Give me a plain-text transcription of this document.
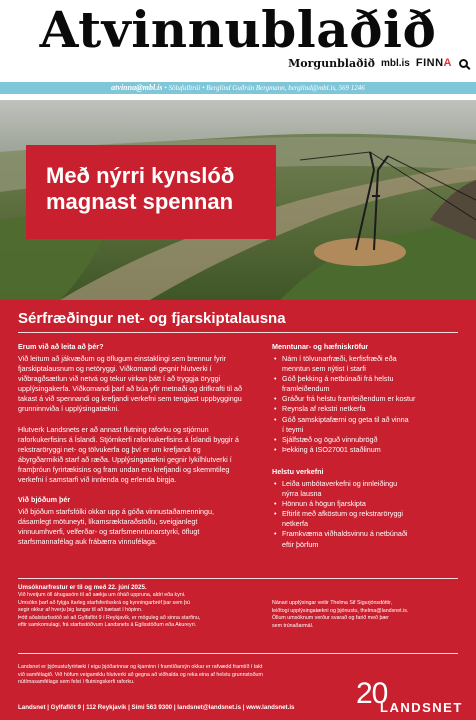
Atvinnublaðið
Morgunblaðið mbl.is FINNA
atvinna@mbl.is • Sölufulltrúi • Berglind Guðrún Bergmann, berglind@mbl.is, 569 1246
Með nýrri kynslóð
magnast spennan
Sérfræðingur net- og fjarskiptalausna
Erum við að leita að þér?
Við leitum að jákvæðum og öflugum einstaklingi sem brennur fyrir fjarskiptalausnum og netöryggi. Viðkomandi gegnir hlutverki í viðbragðsætlun við netvá og tekur virkan þátt í að tryggja öryggi upplýsingakerfa. Viðkomandi þarf að búa yfir metnaði og drifkrafti til að takast á við spennandi og krefjandi verkefni sem tengjast uppbyggingu grunninnviða í upplýsingatækni.
Hlutverk Landsnets er að annast flutning raforku og stjórnun raforkukerfisins á Íslandi. Stjórnkerfi raforkukerfisins á Íslandi byggir á rekstraröryggi net- og tölvukerfa og því er um krefjandi og ábyrgðarmikið starf að ræða. Upplýsingatækni gegnir lykilhlutverki í framþróun fyrirtækisins og fram undan eru krefjandi og skemmtileg verkefni í samstarfi við innlenda og erlenda birgja.
Við bjóðum þér
Við bjóðum starfsfólki okkar upp á góða vinnustaðamenningu, dásamlegt mötuneyti, líkamsræktaraðstöðu, sveigjanlegt vinnuumhverfi, velferðar- og starfsmenntunarstyrki, öflugt starfsmannafélag auk frábærra vinnufélaga.
Menntunar- og hæfniskröfur
• Nám í tölvunarfræði, kerfisfræði eða
menntun sem nýtist í starfi
• Góð þekking á netbúnaði frá helstu
framleiðendum
• Gráður frá helstu framleiðendum er kostur
• Reynsla af rekstri netkerfa
• Góð samskiptafærni og geta til að vinna
í teymi
• Sjálfstæð og öguð vinnubrögð
• Þekking á ISO27001 staðlinum
Helstu verkefni
• Leiða umbótaverkefni og innleiðingu
nýrra lausna
• Hönnun á högun fjarskipta
• Eftirlit með afköstum og rekstraröryggi
netkerfa
• Framkvæma viðhaldsvinnu á netbúnaði
eftir þörfum
Umsóknarfrestur er til og með 22. júní 2025.
Við hvetjum öll áhugasöm til að sækja um óháð uppruna, aldri eða kyni.
Umsókn þarf að fylgja ítarleg starfsferilsskrá og kynningarbréf þar sem þú
segir okkur af hverju þig langar til að bætast í hópinn.
Þótt aðalstarfsstöð sé að Gylfaflöt 9 í Reykjavík, er möguleg að sinna starfinu,
eftir samkomulagi, frá starfsstöðvum Landsnets á Egilsstöðum eða Akureyri.
Nánari upplýsingar veitir Thelma Sif Sigurjónsdóttir,
leiðtogi upplýsingatækni og þjónustu, thelma@landsnet.is.
Öllum umsóknum verður svarað og farið með þær
sem trúnaðarmál.
Landsnet er þjónustufyrirtæki í eigu þjóðarinnar og kjarninn í framtíðarsýn okkar er rafvædd framtíð í takt
við samfélagið. Við höfum veigamiklu hlutverki að gegna að viðhalda og reka eina af helstu grunnstoðum
nútímasamfélags sem felst í flutningskerfi raforku.
Landsnet | Gylfaflöt 9 | 112 Reykjavík | Sími 563 9300 | landsnet@landsnet.is | www.landsnet.is 20
LANDSNET
